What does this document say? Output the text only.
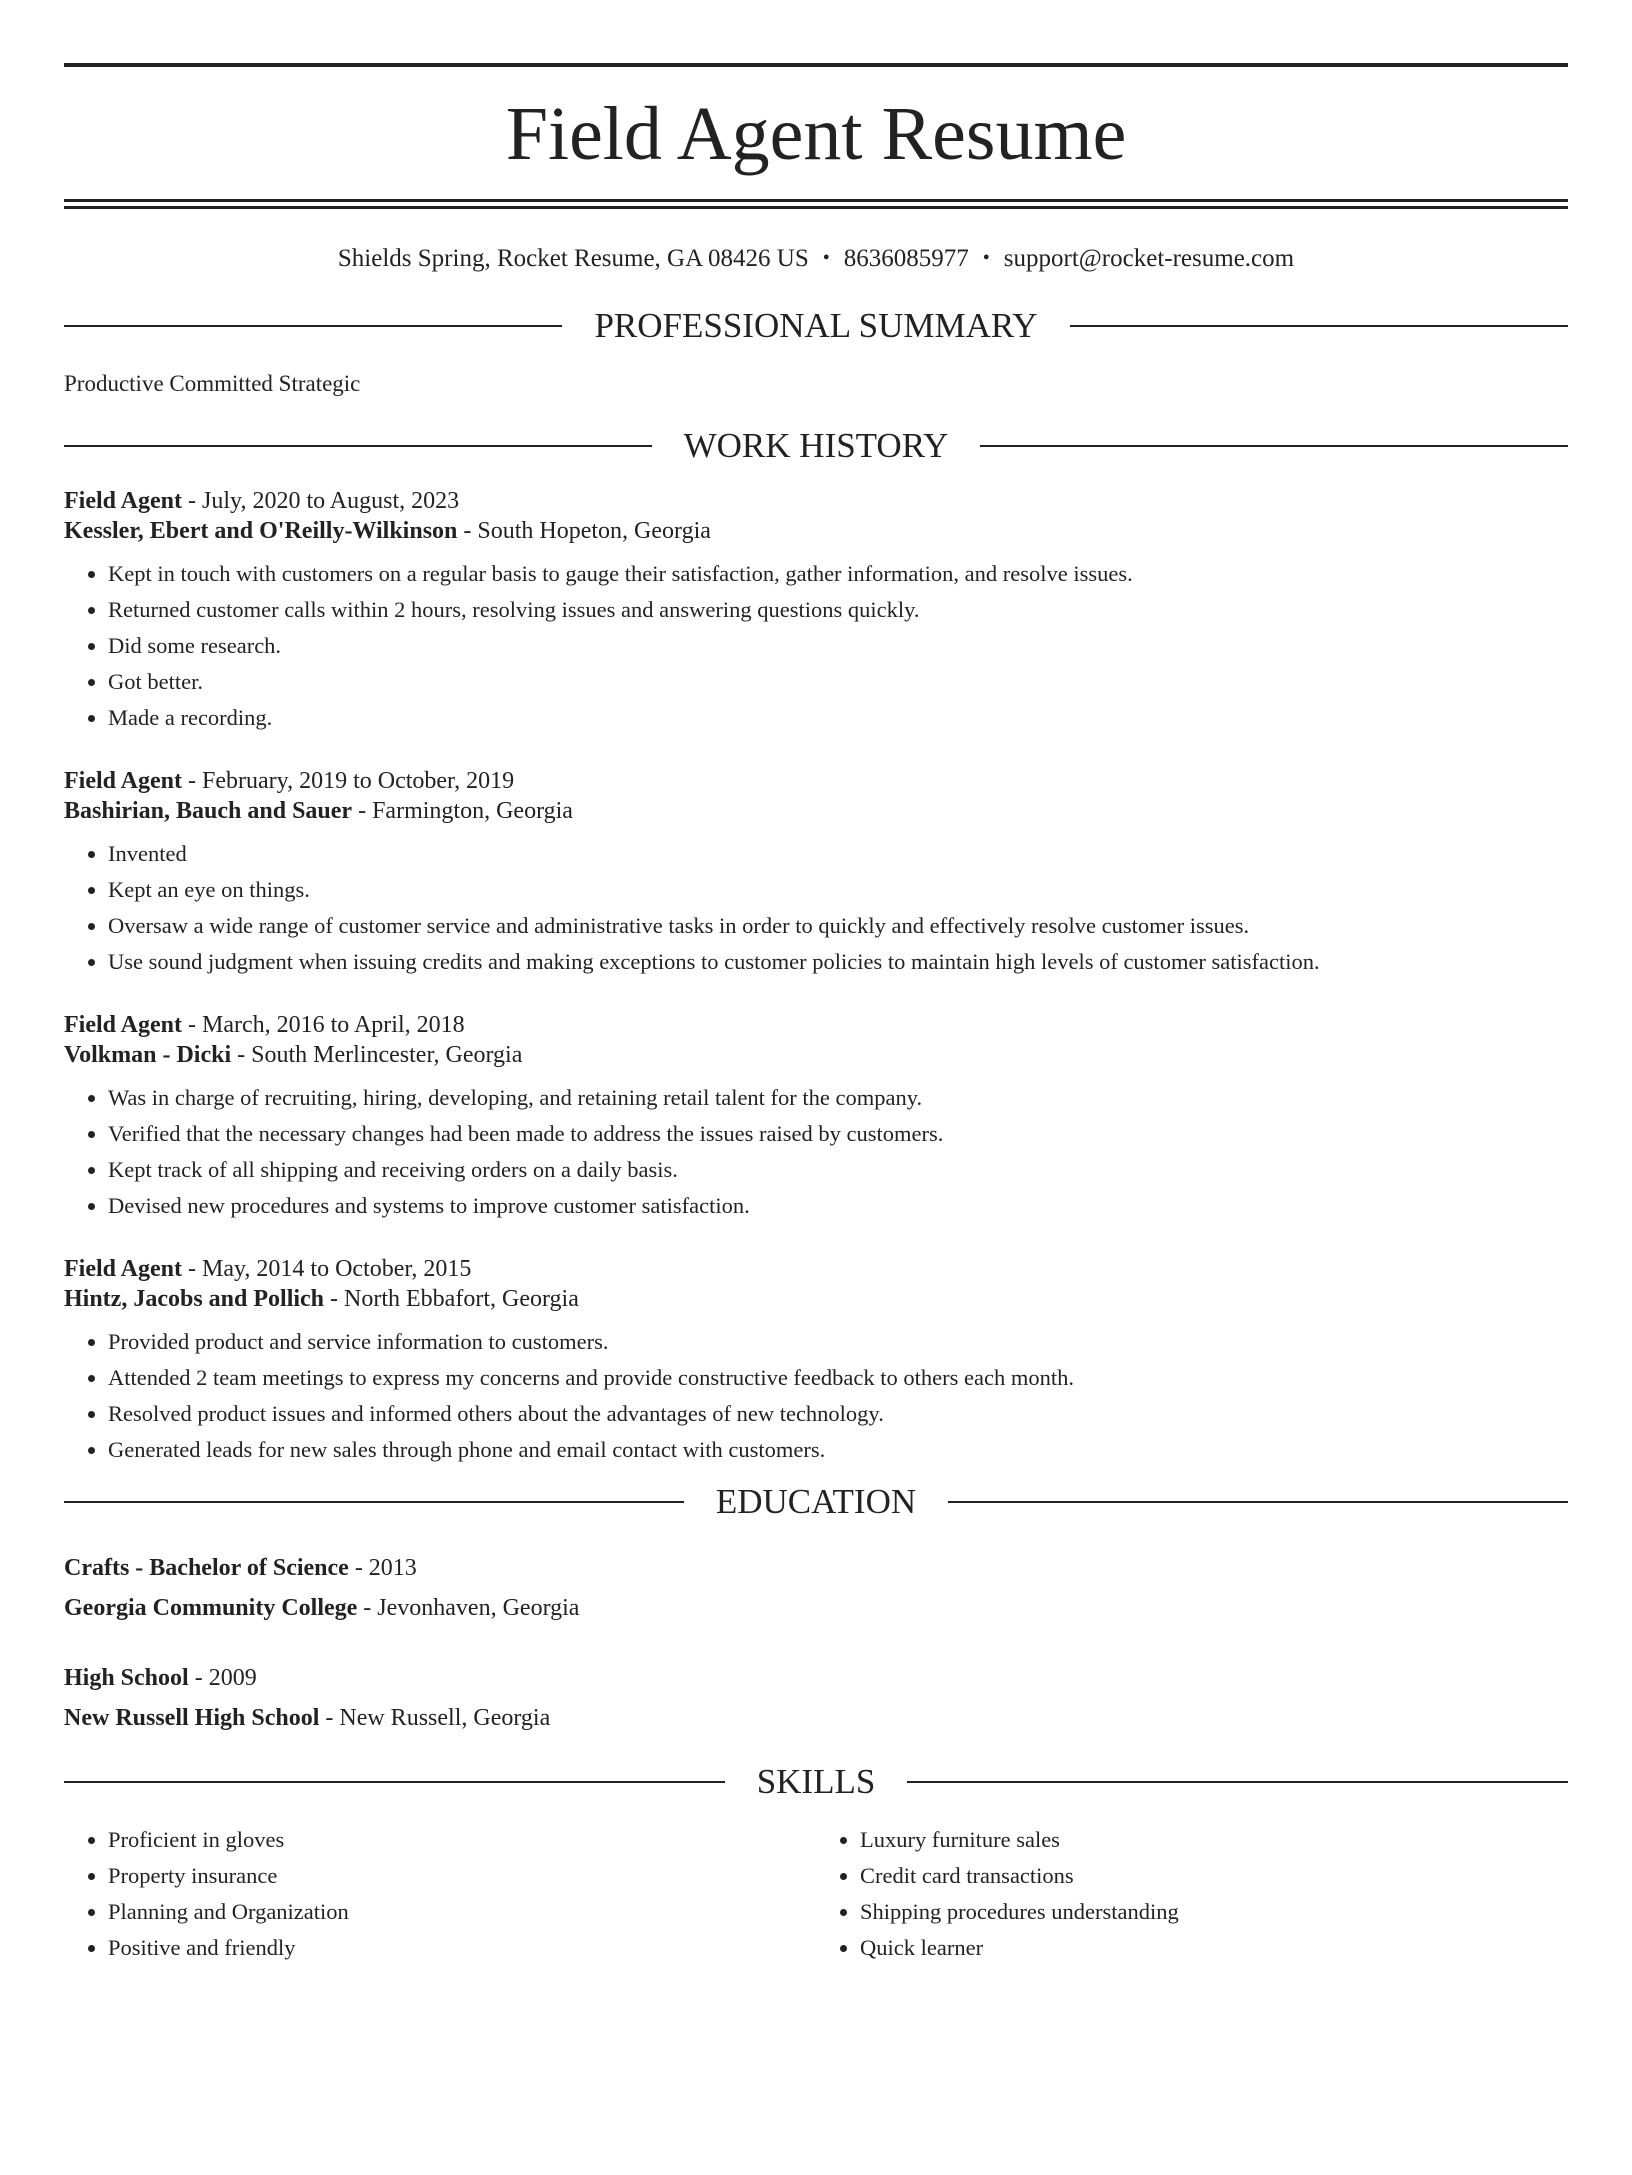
Field Agent Resume
Shields Spring, Rocket Resume, GA 08426 US • 8636085977 • support@rocket-resume.com
PROFESSIONAL SUMMARY
Productive Committed Strategic
WORK HISTORY
Field Agent - July, 2020 to August, 2023
Kessler, Ebert and O'Reilly-Wilkinson - South Hopeton, Georgia
• Kept in touch with customers on a regular basis to gauge their satisfaction, gather information, and resolve issues.
• Returned customer calls within 2 hours, resolving issues and answering questions quickly.
• Did some research.
• Got better.
• Made a recording.
Field Agent - February, 2019 to October, 2019
Bashirian, Bauch and Sauer - Farmington, Georgia
• Invented
• Kept an eye on things.
• Oversaw a wide range of customer service and administrative tasks in order to quickly and effectively resolve customer issues.
• Use sound judgment when issuing credits and making exceptions to customer policies to maintain high levels of customer satisfaction.
Field Agent - March, 2016 to April, 2018
Volkman - Dicki - South Merlincester, Georgia
• Was in charge of recruiting, hiring, developing, and retaining retail talent for the company.
• Verified that the necessary changes had been made to address the issues raised by customers.
• Kept track of all shipping and receiving orders on a daily basis.
• Devised new procedures and systems to improve customer satisfaction.
Field Agent - May, 2014 to October, 2015
Hintz, Jacobs and Pollich - North Ebbafort, Georgia
• Provided product and service information to customers.
• Attended 2 team meetings to express my concerns and provide constructive feedback to others each month.
• Resolved product issues and informed others about the advantages of new technology.
• Generated leads for new sales through phone and email contact with customers.
EDUCATION
Crafts - Bachelor of Science - 2013
Georgia Community College - Jevonhaven, Georgia
High School - 2009
New Russell High School - New Russell, Georgia
SKILLS
• Proficient in gloves
• Property insurance
• Planning and Organization
• Positive and friendly
• Luxury furniture sales
• Credit card transactions
• Shipping procedures understanding
• Quick learner
